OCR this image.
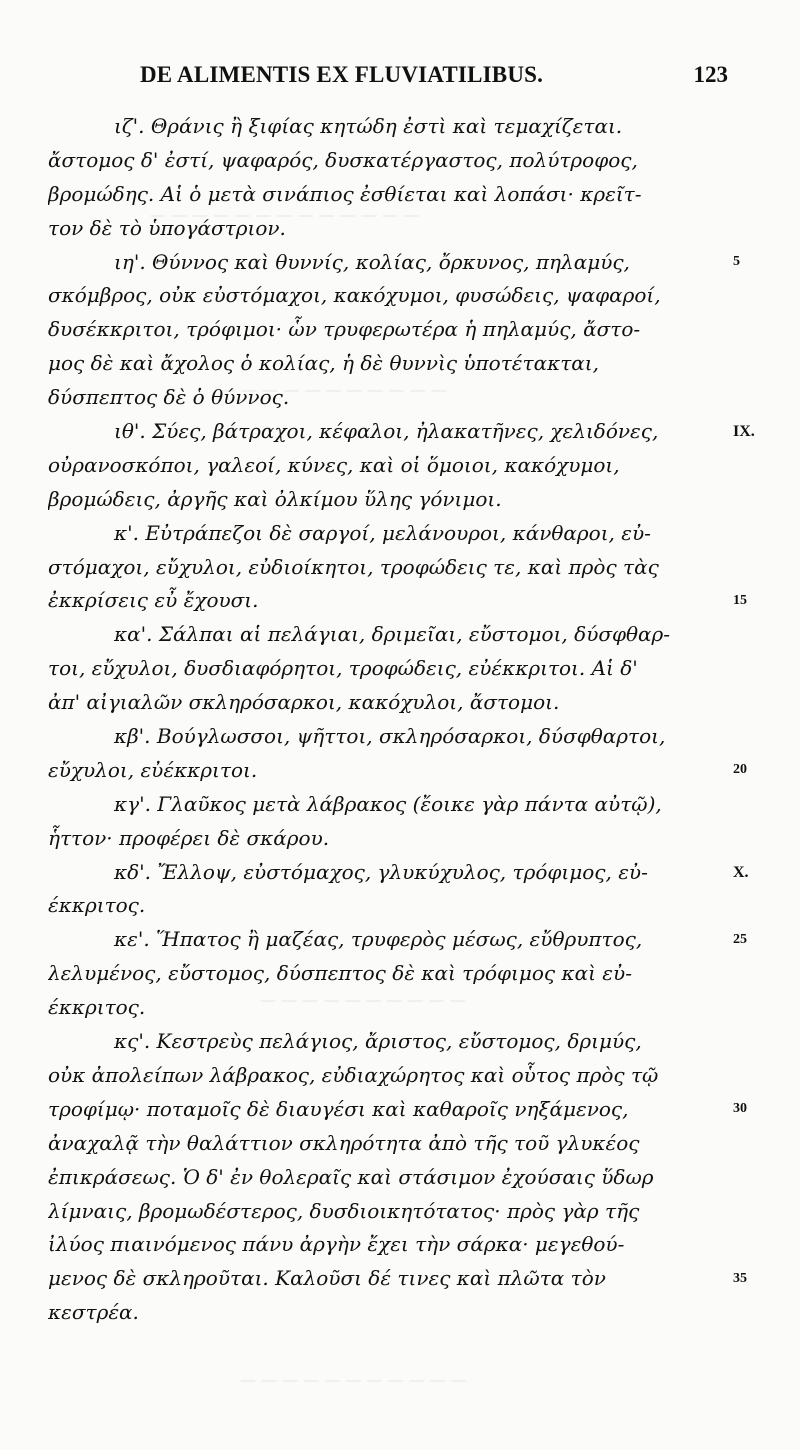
— — — — — — — — — — — — —
— — — — — — — — — — —
— — — — — — — — — —
— — — — — — — — — — —
DE ALIMENTIS EX FLUVIATILIBUS.	123
ιζ'. Θράνις ἢ ξιφίας κητώδη ἐστὶ καὶ τεμαχίζεται.
ἄστομος δ' ἐστί, ψαφαρός, δυσκατέργαστος, πολύτροφος,
βρομώδης. Αἱ ὁ μετὰ σινάπιος ἐσθίεται καὶ λοπάσι· κρεῖτ-
τον δὲ τὸ ὑπογάστριον.
ιη'. Θύννος καὶ θυννίς, κολίας, ὄρκυνος, πηλαμύς,
σκόμβρος, οὐκ εὐστόμαχοι, κακόχυμοι, φυσώδεις, ψαφαροί,
δυσέκκριτοι, τρόφιμοι· ὧν τρυφερωτέρα ἡ πηλαμύς, ἄστο-
μος δὲ καὶ ἄχολος ὁ κολίας, ἡ δὲ θυννὶς ὑποτέτακται,
δύσπεπτος δὲ ὁ θύννος.
ιθ'. Σύες, βάτραχοι, κέφαλοι, ἠλακατῆνες, χελιδόνες,
οὐρανοσκόποι, γαλεοί, κύνες, καὶ οἱ ὅμοιοι, κακόχυμοι,
βρομώδεις, ἀργῆς καὶ ὀλκίμου ὕλης γόνιμοι.
κ'. Εὐτράπεζοι δὲ σαργοί, μελάνουροι, κάνθαροι, εὐ-
στόμαχοι, εὔχυλοι, εὐδιοίκητοι, τροφώδεις τε, καὶ πρὸς τὰς
ἐκκρίσεις εὖ ἔχουσι.
κα'. Σάλπαι αἱ πελάγιαι, δριμεῖαι, εὔστομοι, δύσφθαρ-
τοι, εὔχυλοι, δυσδιαφόρητοι, τροφώδεις, εὐέκκριτοι. Αἱ δ'
ἀπ' αἰγιαλῶν σκληρόσαρκοι, κακόχυλοι, ἄστομοι.
κβ'. Βούγλωσσοι, ψῆττοι, σκληρόσαρκοι, δύσφθαρτοι,
εὔχυλοι, εὐέκκριτοι.
κγ'. Γλαῦκος μετὰ λάβρακος (ἔοικε γὰρ πάντα αὐτῷ),
ἧττον· προφέρει δὲ σκάρου.
κδ'. Ἔλλοψ, εὐστόμαχος, γλυκύχυλος, τρόφιμος, εὐ-
έκκριτος.
κε'. Ἥπατος ἢ μαζέας, τρυφερὸς μέσως, εὔθρυπτος,
λελυμένος, εὔστομος, δύσπεπτος δὲ καὶ τρόφιμος καὶ εὐ-
έκκριτος.
κς'. Κεστρεὺς πελάγιος, ἄριστος, εὔστομος, δριμύς,
οὐκ ἀπολείπων λάβρακος, εὐδιαχώρητος καὶ οὗτος πρὸς τῷ
τροφίμῳ· ποταμοῖς δὲ διαυγέσι καὶ καθαροῖς νηξάμενος,
ἀναχαλᾷ τὴν θαλάττιον σκληρότητα ἀπὸ τῆς τοῦ γλυκέος
ἐπικράσεως. Ὁ δ' ἐν θολεραῖς καὶ στάσιμον ἐχούσαις ὕδωρ
λίμναις, βρομωδέστερος, δυσδιοικητότατος· πρὸς γὰρ τῆς
ἰλύος πιαινόμενος πάνυ ἀργὴν ἔχει τὴν σάρκα· μεγεθού-
μενος δὲ σκληροῦται. Καλοῦσι δέ τινες καὶ πλῶτα τὸν
κεστρέα.
5
IX.
15
20
X.
25
30
35
